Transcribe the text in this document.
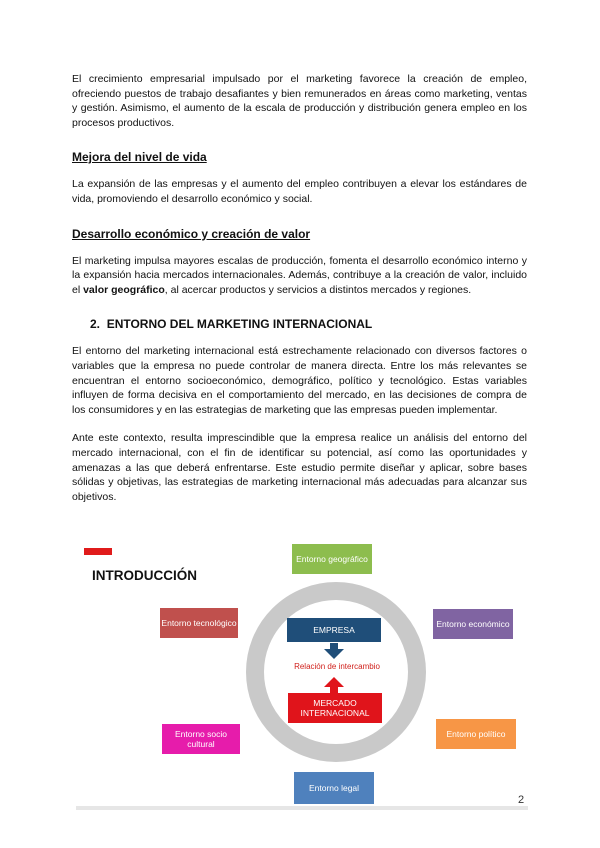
El crecimiento empresarial impulsado por el marketing favorece la creación de empleo, ofreciendo puestos de trabajo desafiantes y bien remunerados en áreas como marketing, ventas y gestión. Asimismo, el aumento de la escala de producción y distribución genera empleo en los procesos productivos.

Mejora del nivel de vida

La expansión de las empresas y el aumento del empleo contribuyen a elevar los estándares de vida, promoviendo el desarrollo económico y social.

Desarrollo económico y creación de valor

El marketing impulsa mayores escalas de producción, fomenta el desarrollo económico interno y la expansión hacia mercados internacionales. Además, contribuye a la creación de valor, incluido el valor geográfico, al acercar productos y servicios a distintos mercados y regiones.

2. ENTORNO DEL MARKETING INTERNACIONAL

El entorno del marketing internacional está estrechamente relacionado con diversos factores o variables que la empresa no puede controlar de manera directa. Entre los más relevantes se encuentran el entorno socioeconómico, demográfico, político y tecnológico. Estas variables influyen de forma decisiva en el comportamiento del mercado, en las decisiones de compra de los consumidores y en las estrategias de marketing que las empresas pueden implementar.

Ante este contexto, resulta imprescindible que la empresa realice un análisis del entorno del mercado internacional, con el fin de identificar su potencial, así como las oportunidades y amenazas a las que deberá enfrentarse. Este estudio permite diseñar y aplicar, sobre bases sólidas y objetivas, las estrategias de marketing internacional más adecuadas para alcanzar sus objetivos.

INTRODUCCIÓN
Entorno geográfico
Entorno tecnológico	Entorno económico
Entorno socio cultural
Entorno político
Entorno legal
EMPRESA
Relación de intercambio
MERCADO INTERNACIONAL
2
